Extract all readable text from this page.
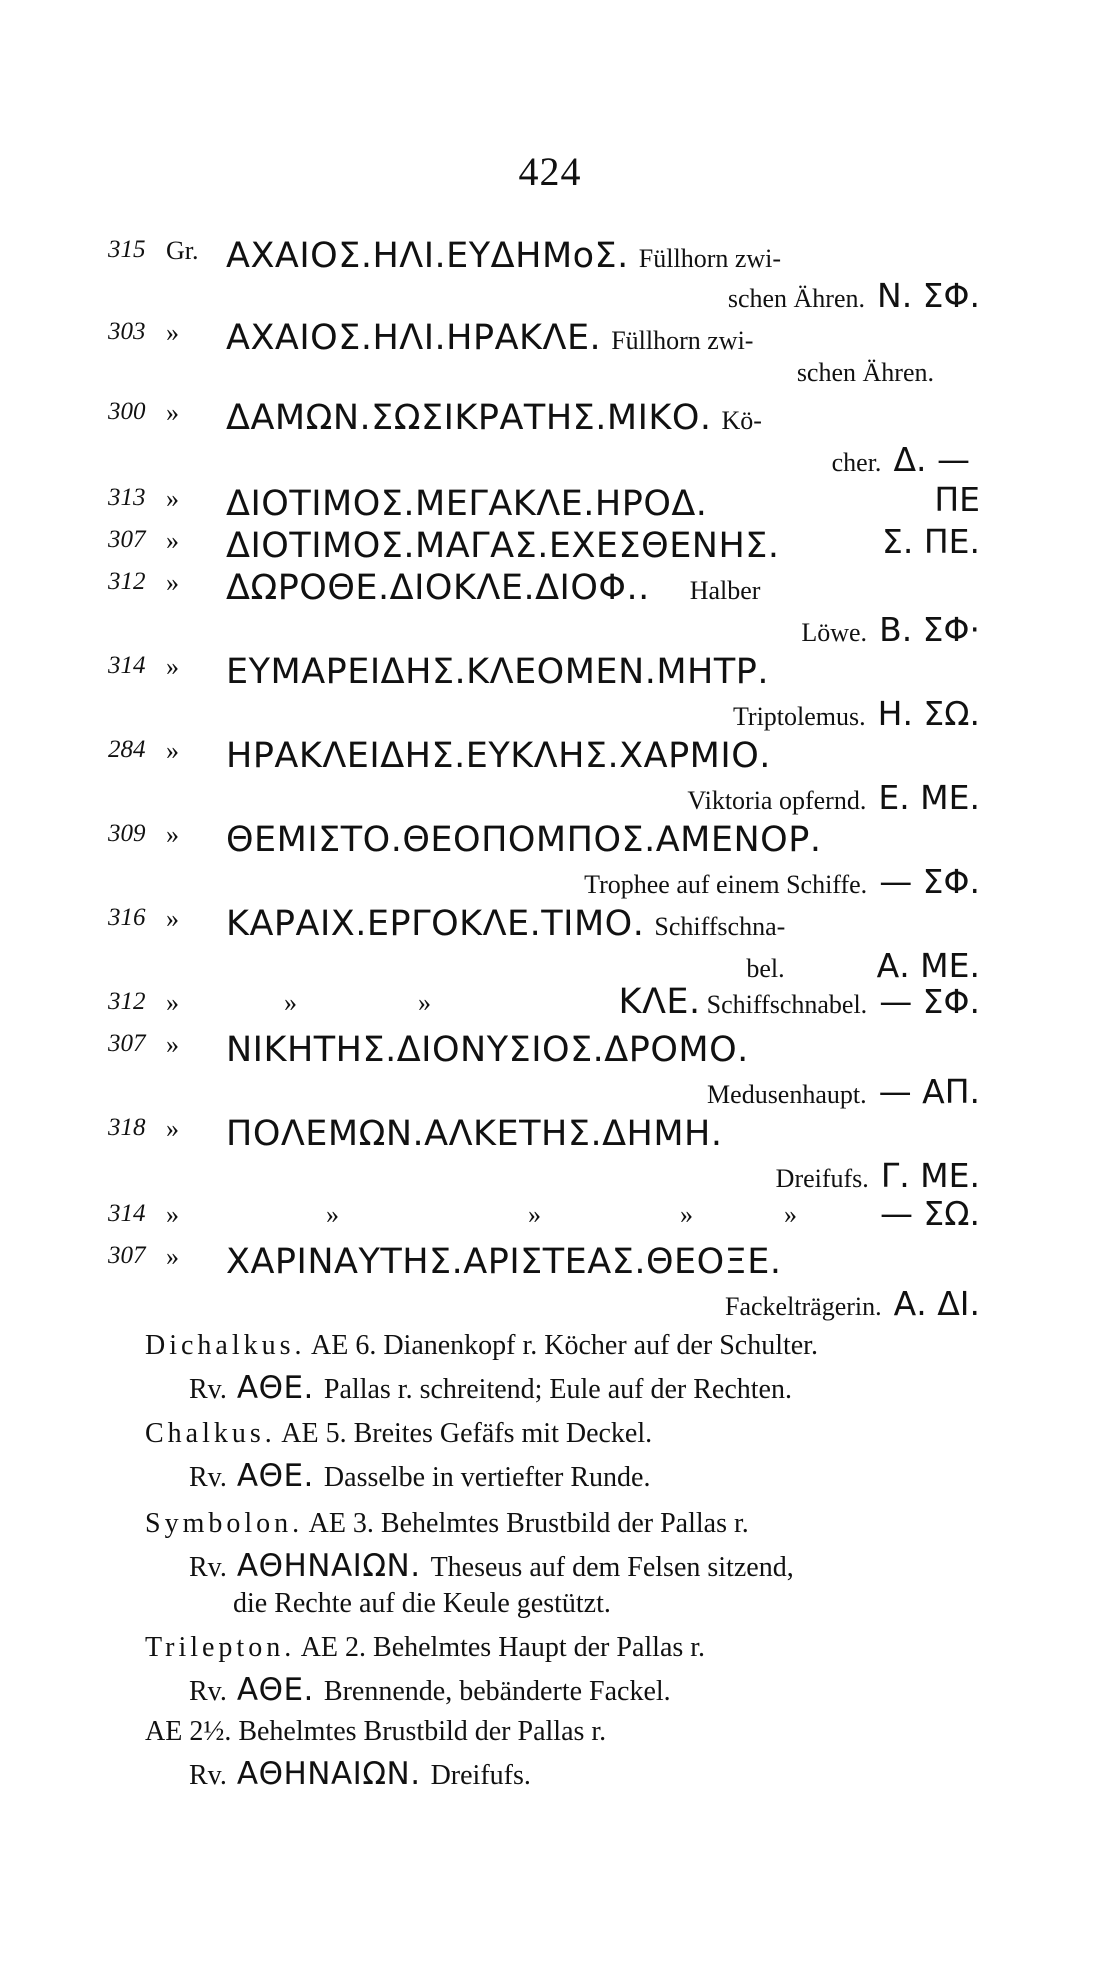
424
315 Gr. ΑΧΑΙΟΣ.ΗΛΙ.ΕΥΔΗΜοΣ. Füllhorn zwi-
schen Ähren. Ν. ΣΦ.
303 » ΑΧΑΙΟΣ.ΗΛΙ.ΗΡΑΚΛΕ. Füllhorn zwi-
schen Ähren.
300 » ΔΑΜΩΝ.ΣΩΣΙΚΡΑΤΗΣ.ΜΙΚΟ. Kö-
cher. Δ. —
313 » ΔΙΟΤΙΜΟΣ.ΜΕΓΑΚΛΕ.ΗΡΟΔ.	ΠΕ
307 » ΔΙΟΤΙΜΟΣ.ΜΑΓΑΣ.ΕΧΕΣΘΕΝΗΣ.	Σ. ΠΕ.
312 » ΔΩΡΟΘΕ.ΔΙΟΚΛΕ.ΔΙΟΦ.. Halber
Löwe. Β. ΣΦ·
314 » ΕΥΜΑΡΕΙΔΗΣ.ΚΛΕΟΜΕΝ.ΜΗΤΡ.
Triptolemus. Η. ΣΩ.
284 » ΗΡΑΚΛΕΙΔΗΣ.ΕΥΚΛΗΣ.ΧΑΡΜΙΟ.
Viktoria opfernd. Ε. ΜΕ.
309 » ΘΕΜΙΣΤΟ.ΘΕΟΠΟΜΠΟΣ.ΑΜΕΝΟΡ.
Trophee auf einem Schiffe. — ΣΦ.
316 » ΚΑΡΑΙΧ.ΕΡΓΟΚΛΕ.ΤΙΜΟ. Schiffschna-
bel.	Α. ΜΕ.
312 »	»	»	ΚΛΕ. Schiffschnabel. — ΣΦ.
307 » ΝΙΚΗΤΗΣ.ΔΙΟΝΥΣΙΟΣ.ΔΡΟΜΟ.
Medusenhaupt. — ΑΠ.
318 » ΠΟΛΕΜΩΝ.ΑΛΚΕΤΗΣ.ΔΗΜΗ.
Dreifufs. Γ. ΜΕ.
314 »	»	»	»	»	— ΣΩ.
307 » ΧΑΡΙΝΑΥΤΗΣ.ΑΡΙΣΤΕΑΣ.ΘΕΟΞΕ.
Fackelträgerin. Α. ΔΙ.
Dichalkus. AE 6. Dianenkopf r. Köcher auf der Schulter.
Rv. ΑΘΕ. Pallas r. schreitend; Eule auf der Rechten.
Chalkus. AE 5. Breites Gefäfs mit Deckel.
Rv. ΑΘΕ. Dasselbe in vertiefter Runde.
Symbolon. AE 3. Behelmtes Brustbild der Pallas r.
Rv. ΑΘΗΝΑΙΩΝ. Theseus auf dem Felsen sitzend,
die Rechte auf die Keule gestützt.
Trilepton. AE 2. Behelmtes Haupt der Pallas r.
Rv. ΑΘΕ. Brennende, bebänderte Fackel.
AE 2½. Behelmtes Brustbild der Pallas r.
Rv. ΑΘΗΝΑΙΩΝ. Dreifufs.
